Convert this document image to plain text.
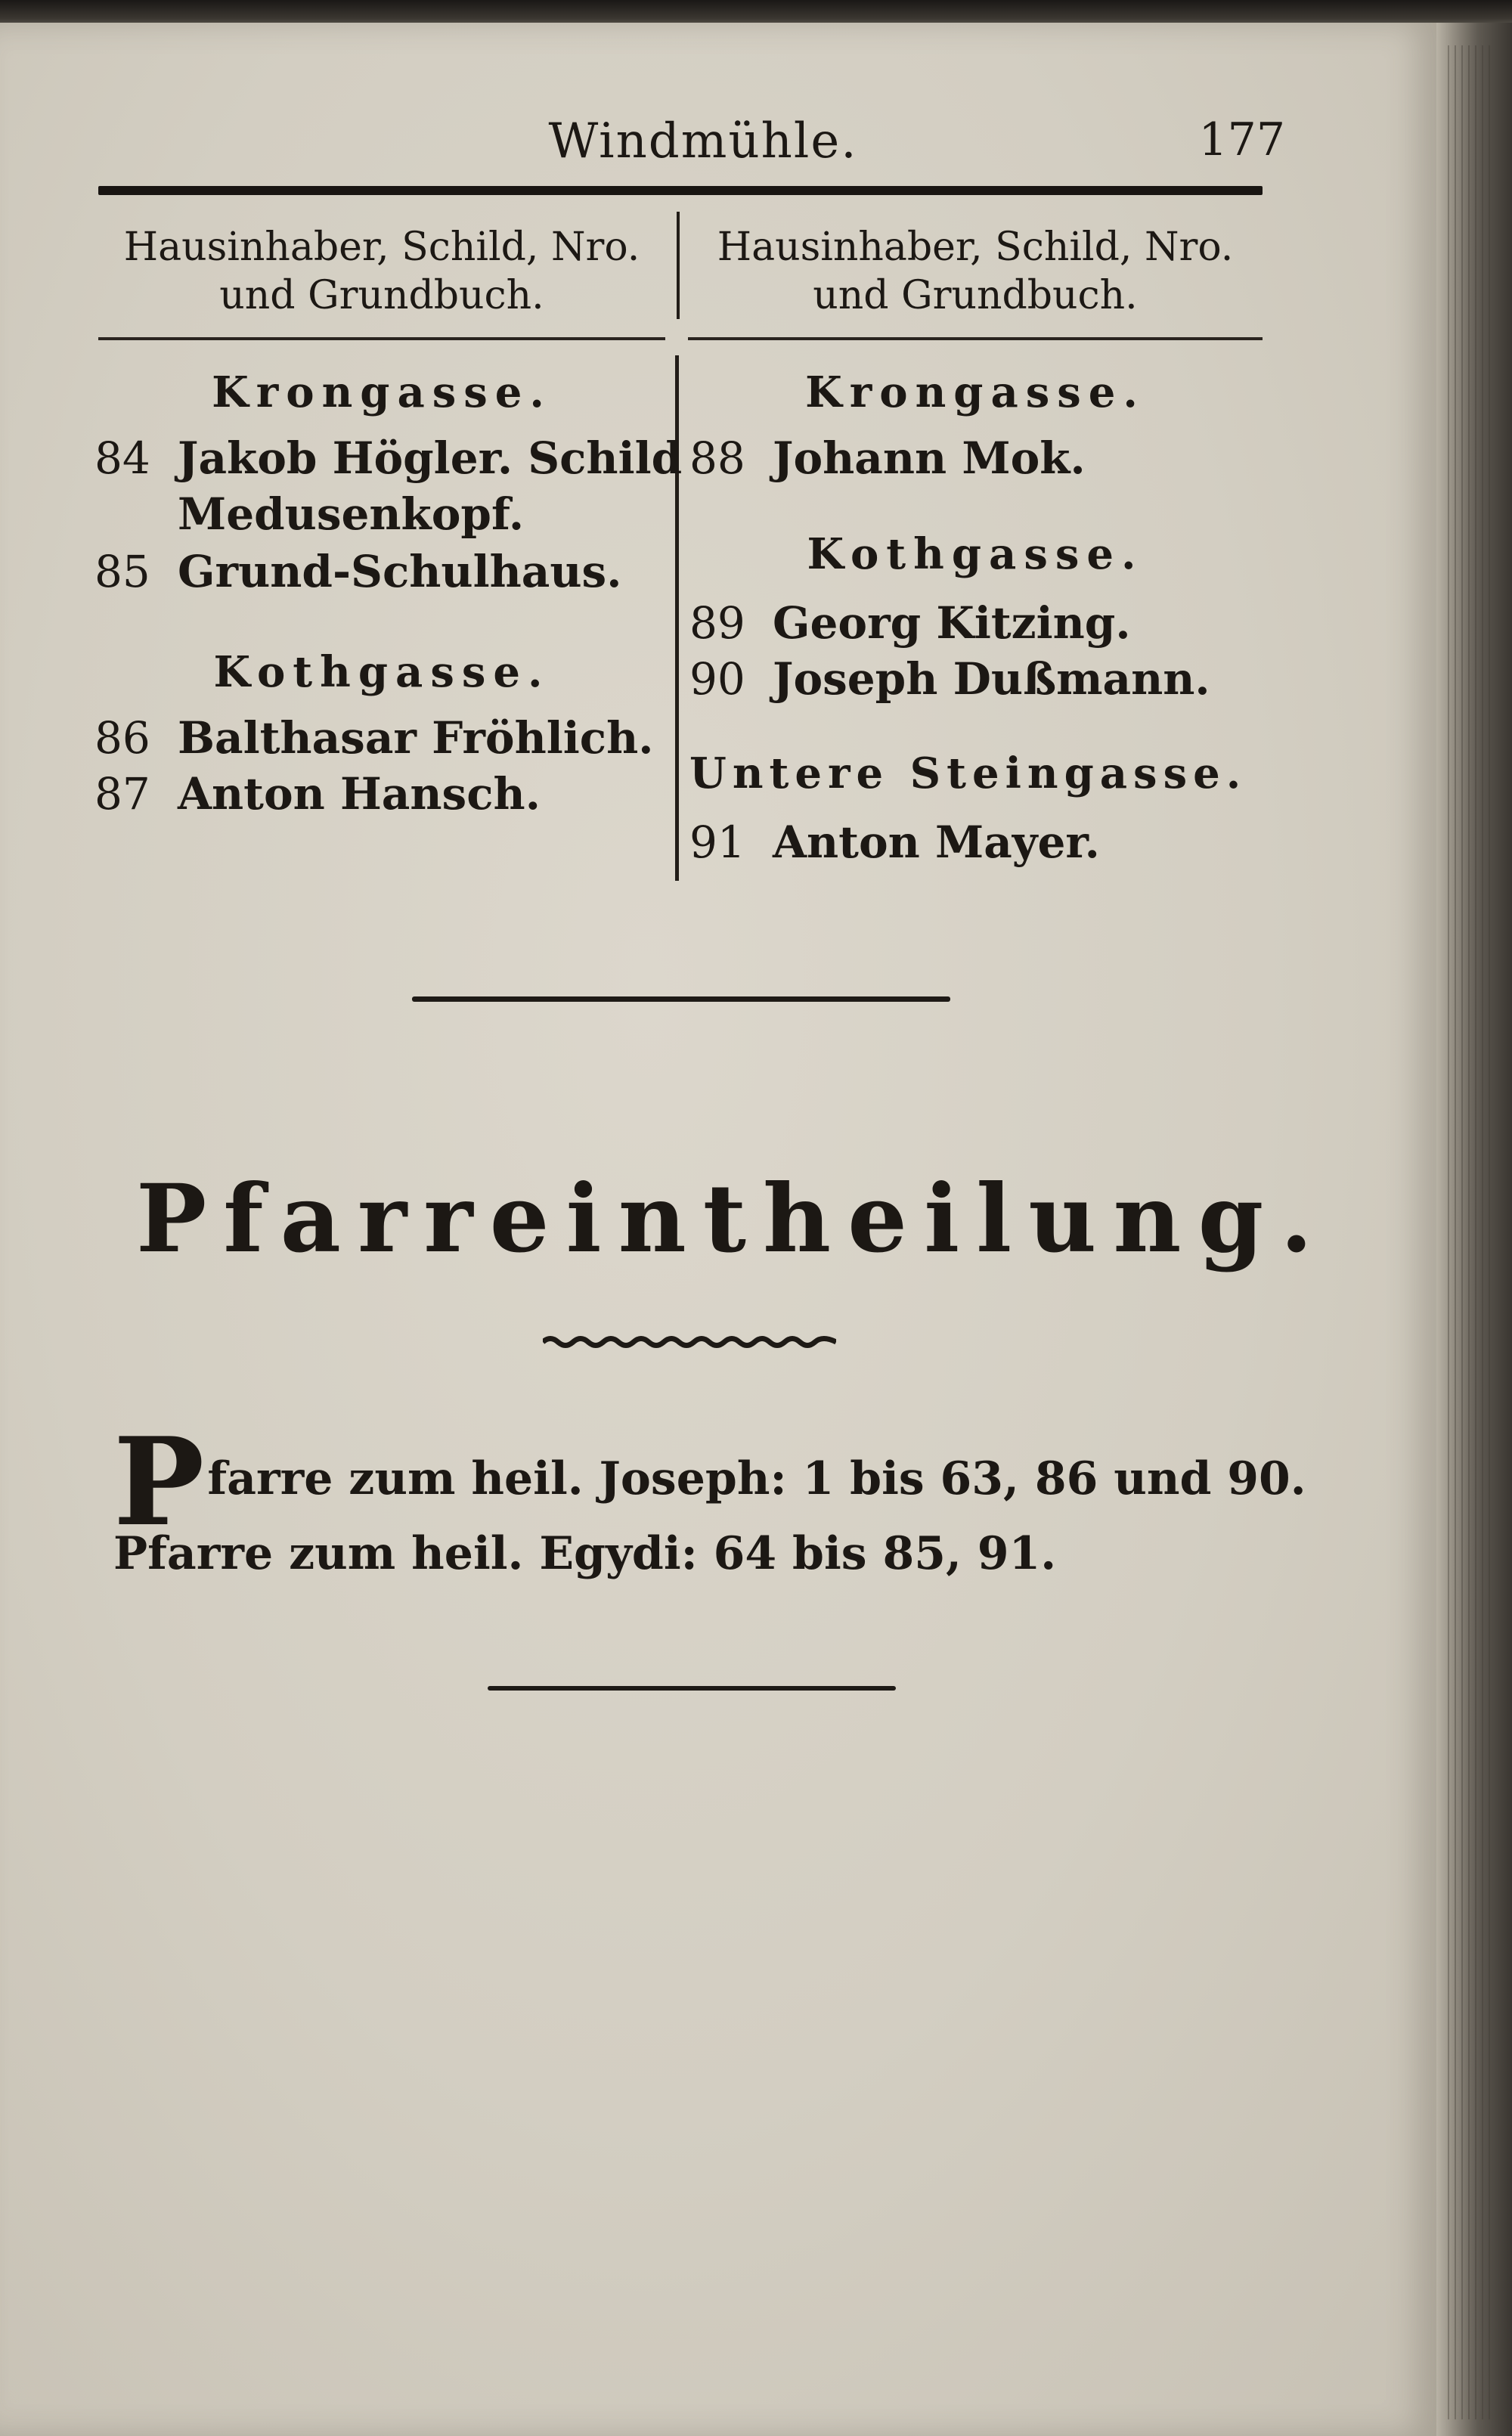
Windmühle.	177
Hausinhaber, Schild, Nro.
und Grundbuch.
Hausinhaber, Schild, Nro.
und Grundbuch.
Krongasse.
84 Jakob Högler. Schild
Medusenkopf.
85 Grund-Schulhaus.
Kothgasse.
86 Balthasar Fröhlich.
87 Anton Hansch.
Krongasse.
88 Johann Mok.
Kothgasse.
89 Georg Kitzing.
90 Joseph Dußmann.
Untere Steingasse.
91 Anton Mayer.
Pfarreintheilung.
Pfarre zum heil. Joseph: 1 bis 63, 86 und 90.
Pfarre zum heil. Egydi: 64 bis 85, 91.
